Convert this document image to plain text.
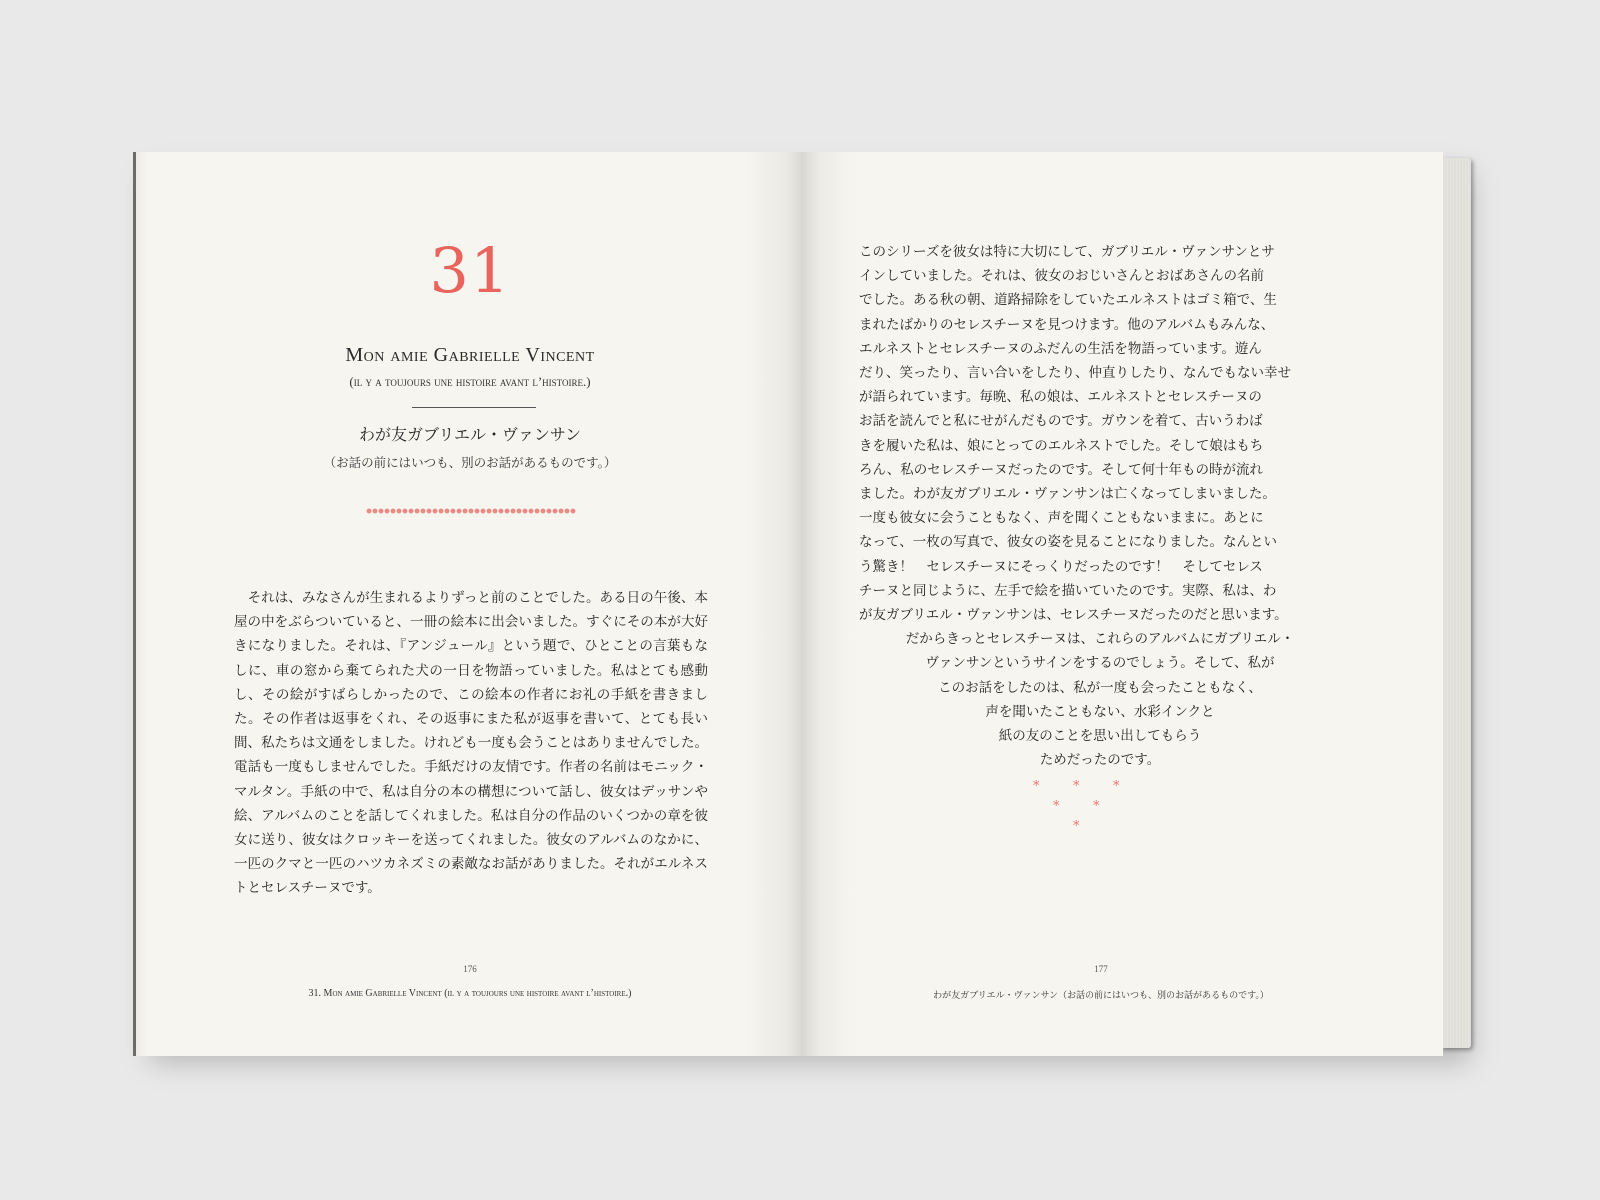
31
Mon amie Gabrielle Vincent
(il y a toujours une histoire avant l’histoire.)
わが友ガブリエル・ヴァンサン
（お話の前にはいつも、別のお話があるものです。）

　それは、みなさんが生まれるよりずっと前のことでした。ある日の午後、本屋の中をぶらついていると、一冊の絵本に出会いました。すぐにその本が大好きになりました。それは、『アンジュール』という題で、ひとことの言葉もなしに、車の窓から棄てられた犬の一日を物語っていました。私はとても感動し、その絵がすばらしかったので、この絵本の作者にお礼の手紙を書きました。その作者は返事をくれ、その返事にまた私が返事を書いて、とても長い間、私たちは文通をしました。けれども一度も会うことはありませんでした。電話も一度もしませんでした。手紙だけの友情です。作者の名前はモニック・マルタン。手紙の中で、私は自分の本の構想について話し、彼女はデッサンや絵、アルバムのことを話してくれました。私は自分の作品のいくつかの章を彼女に送り、彼女はクロッキーを送ってくれました。彼女のアルバムのなかに、一匹のクマと一匹のハツカネズミの素敵なお話がありました。それがエルネストとセレスチーヌです。

176
31. Mon amie Gabrielle Vincent (il y a toujours une histoire avant l’histoire.)
このシリーズを彼女は特に大切にして、ガブリエル・ヴァンサンとサ
インしていました。それは、彼女のおじいさんとおばあさんの名前
でした。ある秋の朝、道路掃除をしていたエルネストはゴミ箱で、生
まれたばかりのセレスチーヌを見つけます。他のアルバムもみんな、
エルネストとセレスチーヌのふだんの生活を物語っています。遊ん
だり、笑ったり、言い合いをしたり、仲直りしたり、なんでもない幸せ
が語られています。毎晩、私の娘は、エルネストとセレスチーヌの
お話を読んでと私にせがんだものです。ガウンを着て、古いうわば
きを履いた私は、娘にとってのエルネストでした。そして娘はもち
ろん、私のセレスチーヌだったのです。そして何十年もの時が流れ
ました。わが友ガブリエル・ヴァンサンは亡くなってしまいました。
一度も彼女に会うこともなく、声を聞くこともないままに。あとに
なって、一枚の写真で、彼女の姿を見ることになりました。なんとい
う驚き！　セレスチーヌにそっくりだったのです！　そしてセレス
チーヌと同じように、左手で絵を描いていたのです。実際、私は、わ
が友ガブリエル・ヴァンサンは、セレスチーヌだったのだと思います。
だからきっとセレスチーヌは、これらのアルバムにガブリエル・
ヴァンサンというサインをするのでしょう。そして、私が
このお話をしたのは、私が一度も会ったこともなく、
声を聞いたこともない、水彩インクと
紙の友のことを思い出してもらう
ためだったのです。
*	*	*
*	*
*
177
わが友ガブリエル・ヴァンサン（お話の前にはいつも、別のお話があるものです。）
